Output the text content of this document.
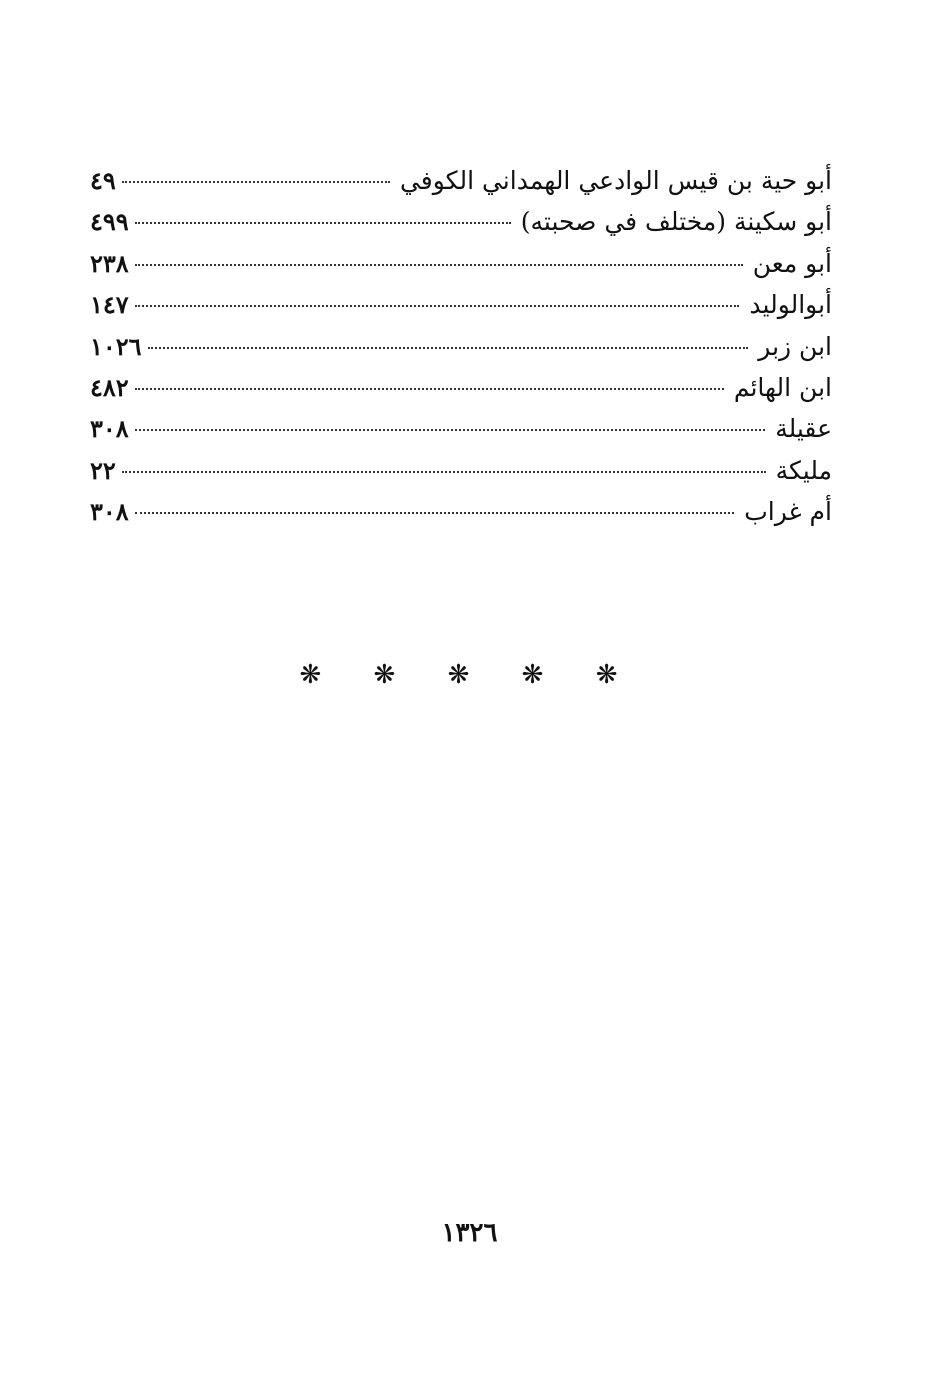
أبو حية بن قيس الوادعي الهمداني الكوفي
٤٩
أبو سكينة (مختلف في صحبته)
٤٩٩
أبو معن
٢٣٨
أبوالوليد
١٤٧
ابن زبر
١٠٢٦
ابن الهائم
٤٨٢
عقيلة
٣٠٨
مليكة
٢٢
أم غراب
٣٠٨
❋ ❋ ❋ ❋ ❋
١٣٢٦
